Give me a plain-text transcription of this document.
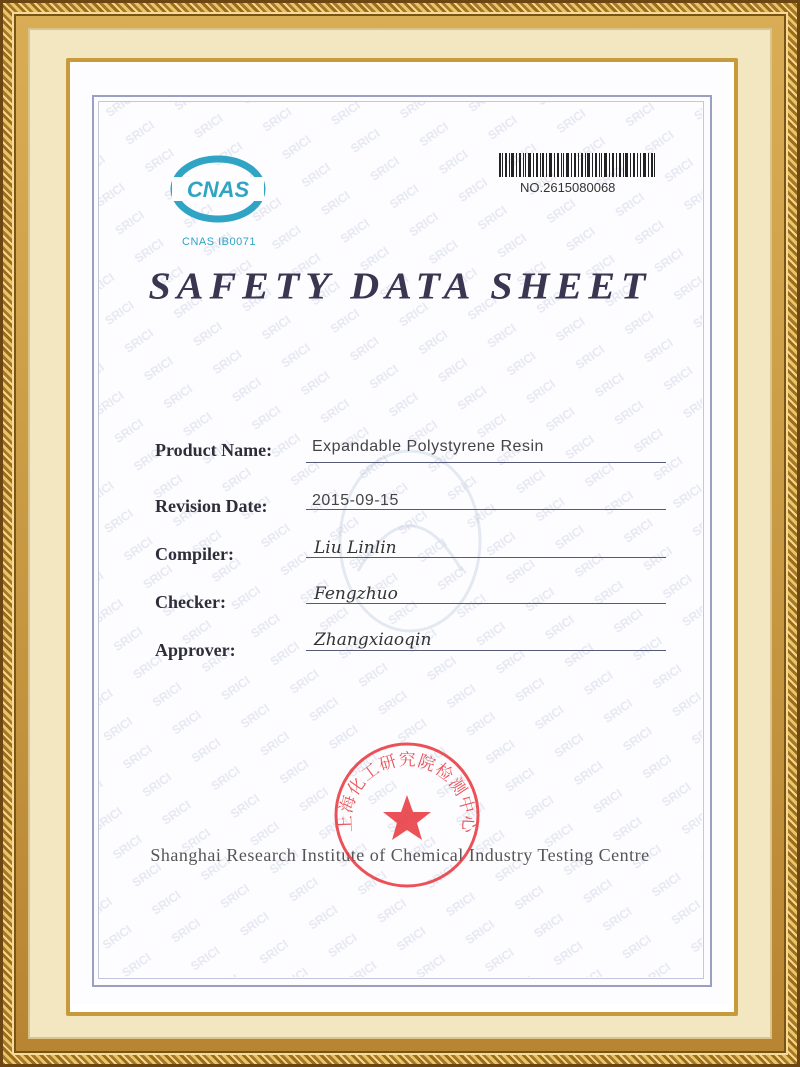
CNAS
CNAS IB0071
NO.2615080068
SAFETY DATA SHEET
Product Name: Expandable Polystyrene Resin
Revision Date:	2015-09-15
Compiler:	Liu Linlin
Checker:	Fengzhuo
Approver:	Zhangxiaoqin
Shanghai Research Institute of Chemical Industry Testing Centre
上海化工研究院检测中心
